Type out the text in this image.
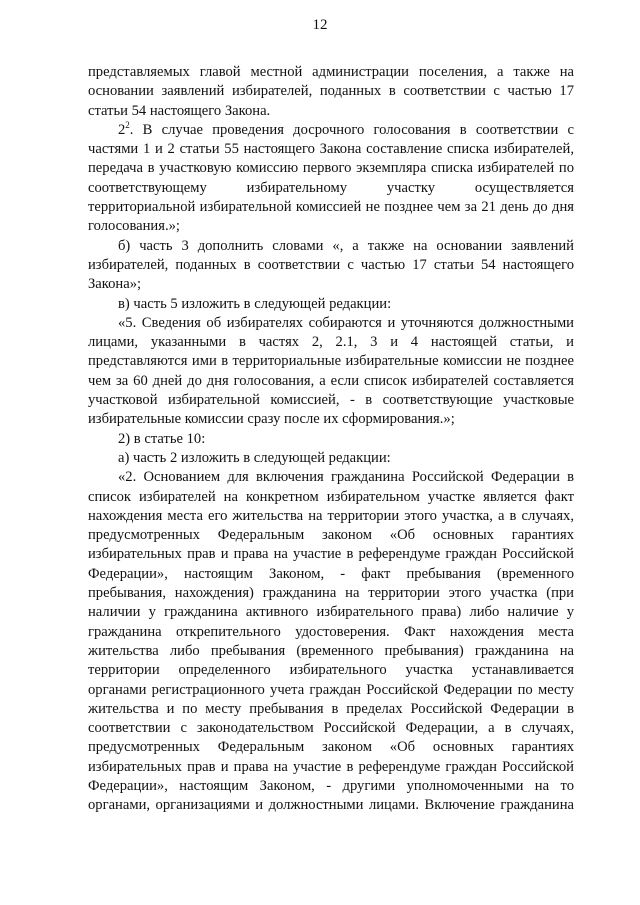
12
представляемых главой местной администрации поселения, а также на
основании заявлений избирателей, поданных в соответствии с частью 17
статьи 54 настоящего Закона.
$2^2$. В случае проведения досрочного голосования в соответствии с
частями 1 и 2 статьи 55 настоящего Закона составление списка избирателей,
передача в участковую комиссию первого экземпляра списка избирателей по
соответствующему избирательному участку осуществляется
территориальной избирательной комиссией не позднее чем за 21 день до дня
голосования.»;
б) часть 3 дополнить словами «, а также на основании заявлений
избирателей, поданных в соответствии с частью 17 статьи 54 настоящего
Закона»;
в) часть 5 изложить в следующей редакции:
«5. Сведения об избирателях собираются и уточняются должностными
лицами, указанными в частях 2, 2.1, 3 и 4 настоящей статьи, и
представляются ими в территориальные избирательные комиссии не позднее
чем за 60 дней до дня голосования, а если список избирателей составляется
участковой избирательной комиссией, - в соответствующие участковые
избирательные комиссии сразу после их сформирования.»;
2) в статье 10:
а) часть 2 изложить в следующей редакции:
«2. Основанием для включения гражданина Российской Федерации в
список избирателей на конкретном избирательном участке является факт
нахождения места его жительства на территории этого участка, а в случаях,
предусмотренных Федеральным законом «Об основных гарантиях
избирательных прав и права на участие в референдуме граждан Российской
Федерации», настоящим Законом, - факт пребывания (временного
пребывания, нахождения) гражданина на территории этого участка (при
наличии у гражданина активного избирательного права) либо наличие у
гражданина открепительного удостоверения. Факт нахождения места
жительства либо пребывания (временного пребывания) гражданина на
территории определенного избирательного участка устанавливается
органами регистрационного учета граждан Российской Федерации по месту
жительства и по месту пребывания в пределах Российской Федерации в
соответствии с законодательством Российской Федерации, а в случаях,
предусмотренных Федеральным законом «Об основных гарантиях
избирательных прав и права на участие в референдуме граждан Российской
Федерации», настоящим Законом, - другими уполномоченными на то
органами, организациями и должностными лицами. Включение гражданина
